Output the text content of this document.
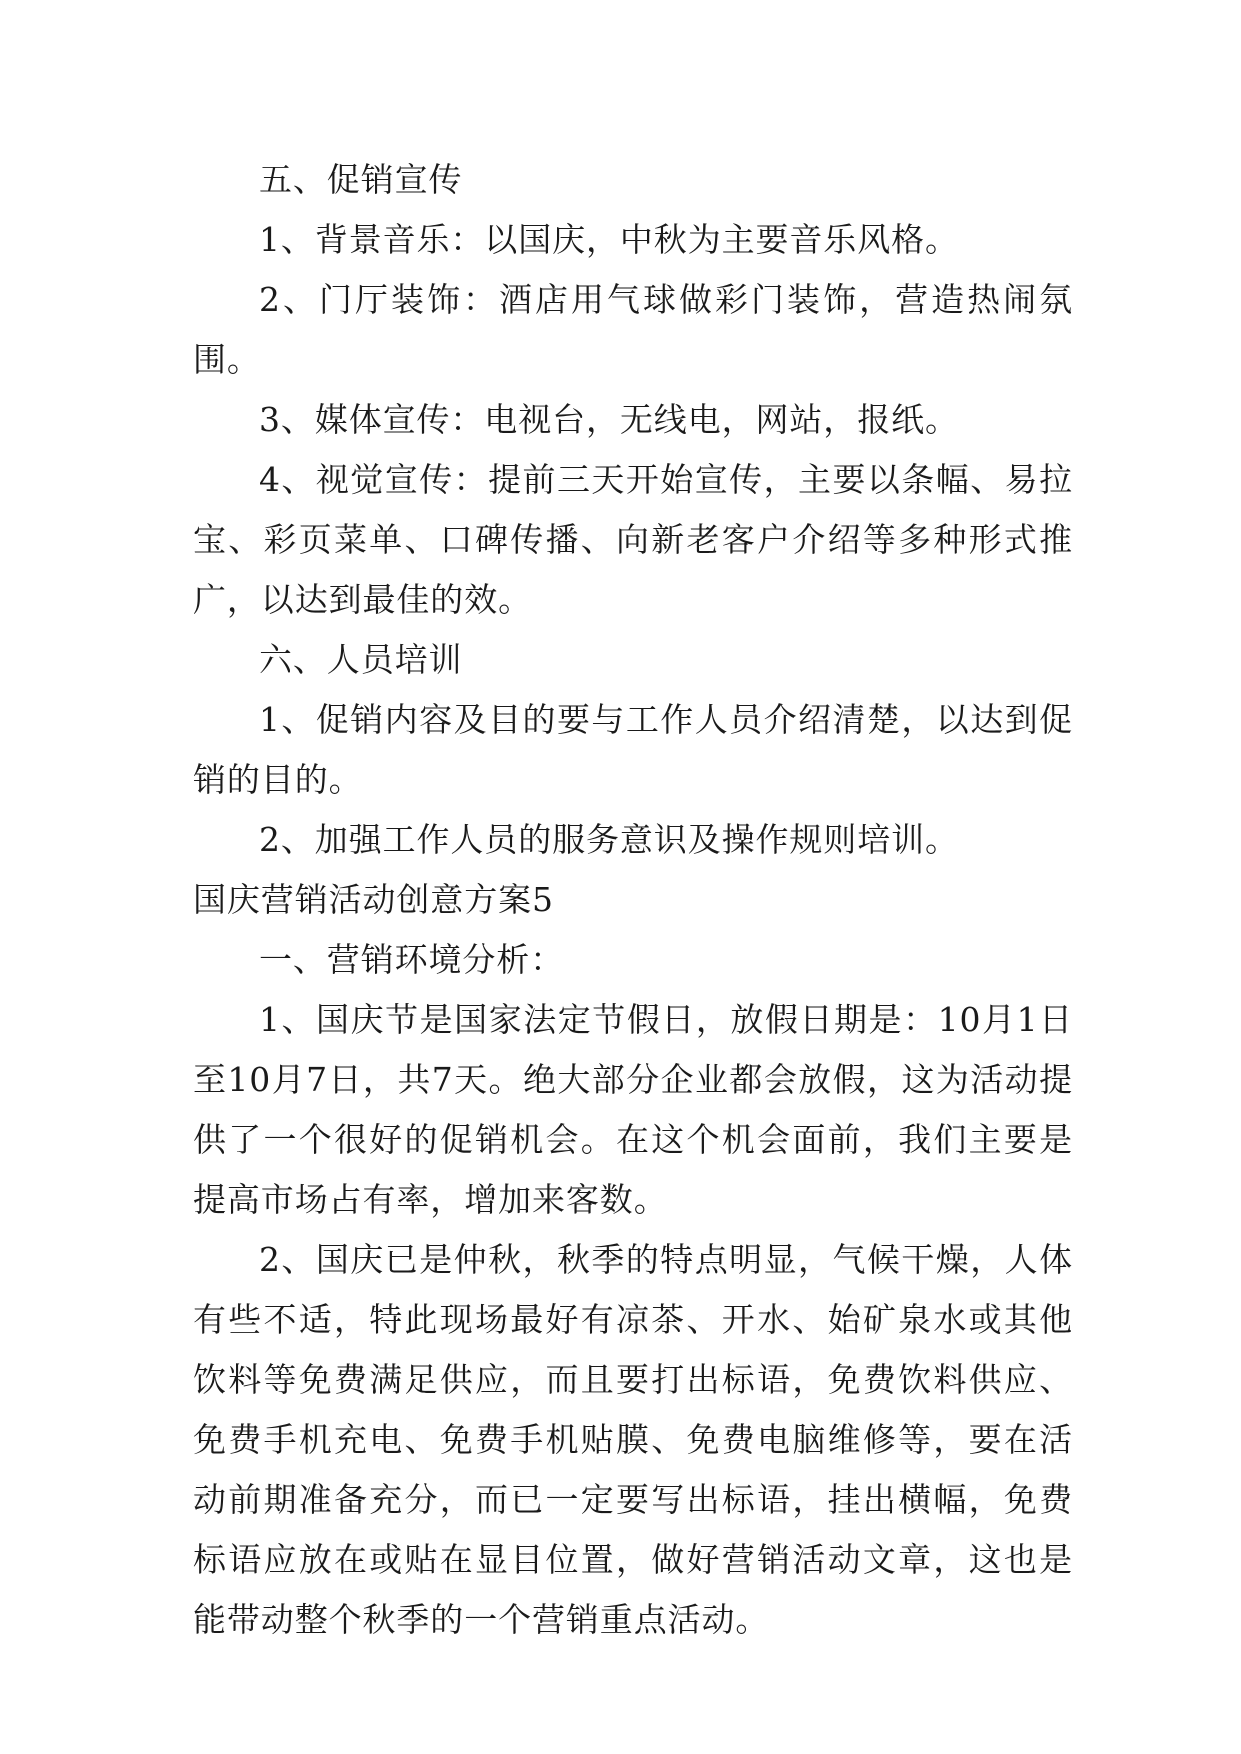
五、促销宣传

1、背景音乐：以国庆，中秋为主要音乐风格。

2、门厅装饰：酒店用气球做彩门装饰，营造热闹氛围。

3、媒体宣传：电视台，无线电，网站，报纸。

4、视觉宣传：提前三天开始宣传，主要以条幅、易拉宝、彩页菜单、口碑传播、向新老客户介绍等多种形式推广，以达到最佳的效。

六、人员培训

1、促销内容及目的要与工作人员介绍清楚，以达到促销的目的。

2、加强工作人员的服务意识及操作规则培训。

国庆营销活动创意方案5

一、营销环境分析：

1、国庆节是国家法定节假日，放假日期是：10月1日至10月7日，共7天。绝大部分企业都会放假，这为活动提供了一个很好的促销机会。在这个机会面前，我们主要是提高市场占有率，增加来客数。

2、国庆已是仲秋，秋季的特点明显，气候干燥，人体有些不适，特此现场最好有凉茶、开水、始矿泉水或其他饮料等免费满足供应，而且要打出标语，免费饮料供应、免费手机充电、免费手机贴膜、免费电脑维修等，要在活动前期准备充分，而已一定要写出标语，挂出横幅，免费标语应放在或贴在显目位置，做好营销活动文章，这也是能带动整个秋季的一个营销重点活动。
